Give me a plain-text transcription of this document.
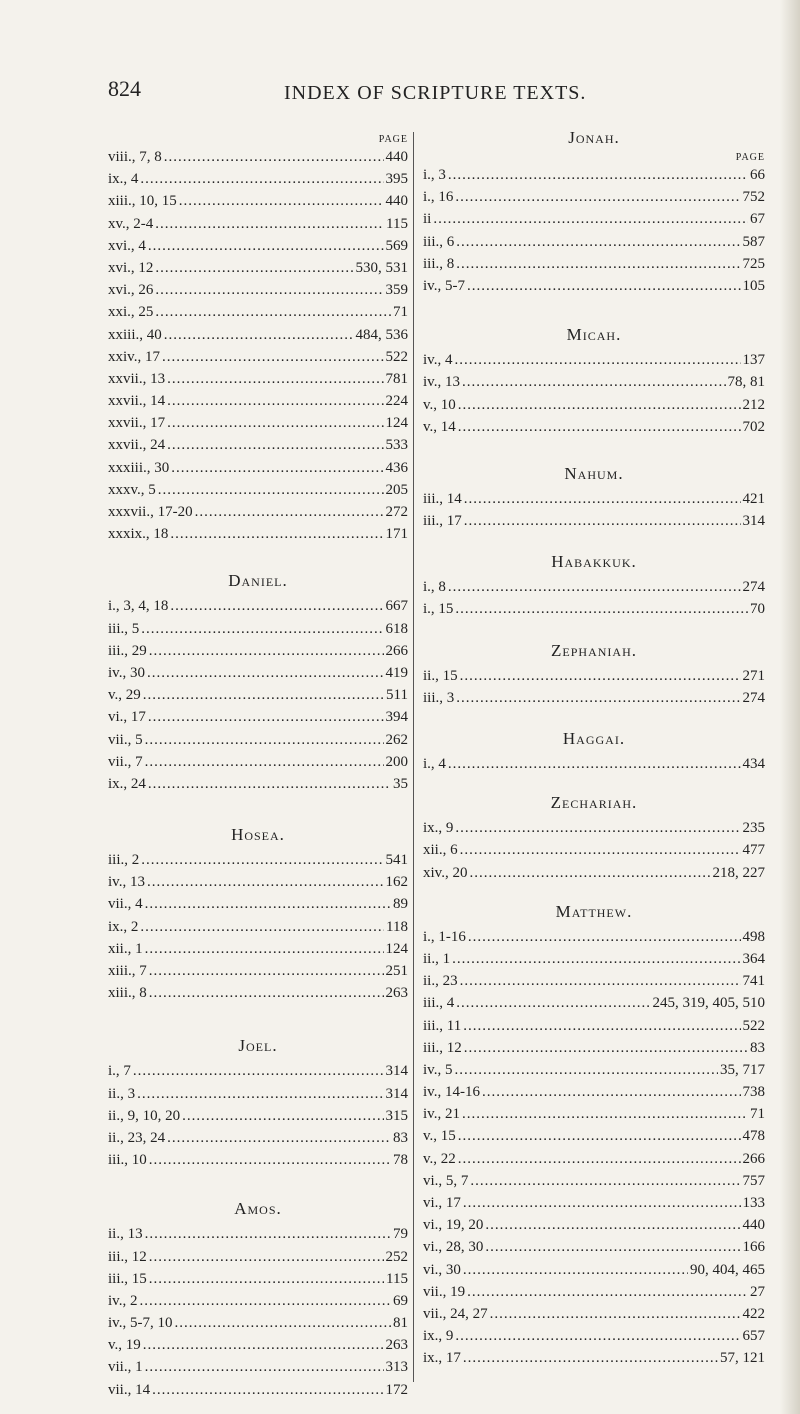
824	INDEX OF SCRIPTURE TEXTS.
PAGE
viii., 7, 8 .....	440
ix., 4 .....	395
xiii., 10, 15 .....	440
xv., 2-4 .....	115
xvi., 4 .....	569
xvi., 12 .....	530, 531
xvi., 26 .....	359
xxi., 25 .....	71
xxiii., 40 .....	484, 536
xxiv., 17 .....	522
xxvii., 13 .....	781
xxvii., 14 .....	224
xxvii., 17 .....	124
xxvii., 24 .....	533
xxxiii., 30 .....	436
xxxv., 5 .....	205
xxxvii., 17-20 .....	272
xxxix., 18 .....	171
Daniel.
i., 3, 4, 18 .....	667
iii., 5 .....	618
iii., 29 .....	266
iv., 30 .....	419
v., 29 .....	511
vi., 17 .....	394
vii., 5 .....	262
vii., 7 .....	200
ix., 24 .....	35
Hosea.
iii., 2 .....	541
iv., 13 .....	162
vii., 4 .....	89
ix., 2 .....	118
xii., 1 .....	124
xiii., 7 .....	251
xiii., 8 .....	263
Joel.
i., 7 .....	314
ii., 3 .....	314
ii., 9, 10, 20 .....	315
ii., 23, 24 .....	83
iii., 10 .....	78
Amos.
ii., 13 .....	79
iii., 12 .....	252
iii., 15 .....	115
iv., 2 .....	69
iv., 5-7, 10 .....	81
v., 19 .....	263
vii., 1 .....	313
vii., 14 .....	172
Jonah.
PAGE
i., 3 .....	66
i., 16 .....	752
ii .....	67
iii., 6 .....	587
iii., 8 .....	725
iv., 5-7 .....	105
Micah.
iv., 4 .....	137
iv., 13 .....	78, 81
v., 10 .....	212
v., 14 .....	702
Nahum.
iii., 14 .....	421
iii., 17 .....	314
Habakkuk.
i., 8 .....	274
i., 15 .....	70
Zephaniah.
ii., 15 .....	271
iii., 3 .....	274
Haggai.
i., 4 .....	434
Zechariah.
ix., 9 .....	235
xii., 6 .....	477
xiv., 20 .....	218, 227
Matthew.
i., 1-16 .....	498
ii., 1 .....	364
ii., 23 .....	741
iii., 4 .....	245, 319, 405, 510
iii., 11 .....	522
iii., 12 .....	83
iv., 5 .....	35, 717
iv., 14-16 .....	738
iv., 21 .....	71
v., 15 .....	478
v., 22 .....	266
vi., 5, 7 .....	757
vi., 17 .....	133
vi., 19, 20 .....	440
vi., 28, 30 .....	166
vi., 30 .....	90, 404, 465
vii., 19 .....	27
vii., 24, 27 .....	422
ix., 9 .....	657
ix., 17 .....	57, 121
